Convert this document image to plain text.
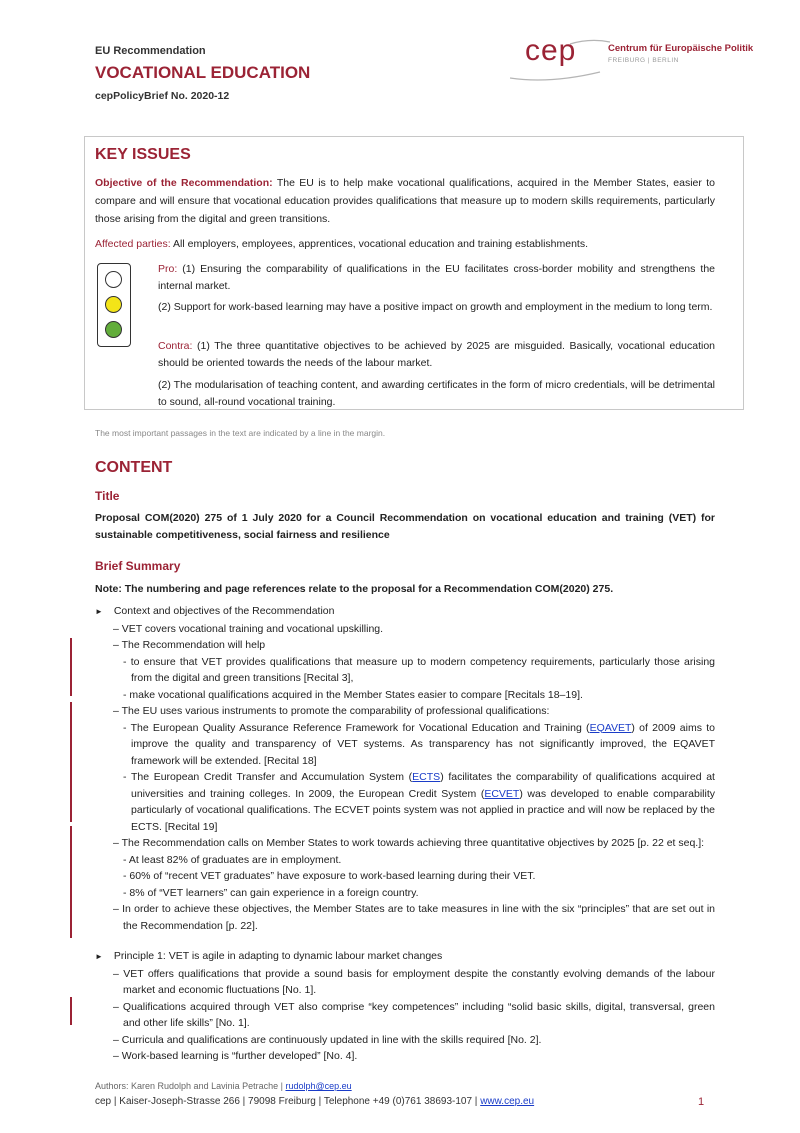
EU Recommendation
VOCATIONAL EDUCATION
cepPolicyBrief No. 2020-12
cep	Centrum für Europäische Politik
FREIBURG | BERLIN
KEY ISSUES
Objective of the Recommendation: The EU is to help make vocational qualifications, acquired in the Member States, easier to compare and will ensure that vocational education provides qualifications that measure up to modern skills requirements, particularly those arising from the digital and green transitions.
Affected parties: All employers, employees, apprentices, vocational education and training establishments.
Pro: (1) Ensuring the comparability of qualifications in the EU facilitates cross-border mobility and strengthens the internal market.
(2) Support for work-based learning may have a positive impact on growth and employment in the medium to long term.
Contra: (1) The three quantitative objectives to be achieved by 2025 are misguided. Basically, vocational education should be oriented towards the needs of the labour market.
(2) The modularisation of teaching content, and awarding certificates in the form of micro credentials, will be detrimental to sound, all-round vocational training.
The most important passages in the text are indicated by a line in the margin.
CONTENT
Title
Proposal COM(2020) 275 of 1 July 2020 for a Council Recommendation on vocational education and training (VET) for sustainable competitiveness, social fairness and resilience
Brief Summary
Note: The numbering and page references relate to the proposal for a Recommendation COM(2020) 275.
► Context and objectives of the Recommendation
– VET covers vocational training and vocational upskilling.
– The Recommendation will help
- to ensure that VET provides qualifications that measure up to modern competency requirements, particularly those arising from the digital and green transitions [Recital 3],
- make vocational qualifications acquired in the Member States easier to compare [Recitals 18–19].
– The EU uses various instruments to promote the comparability of professional qualifications:
- The European Quality Assurance Reference Framework for Vocational Education and Training (EQAVET) of 2009 aims to improve the quality and transparency of VET systems. As transparency has not significantly improved, the EQAVET framework will be extended. [Recital 18]
- The European Credit Transfer and Accumulation System (ECTS) facilitates the comparability of qualifications acquired at universities and training colleges. In 2009, the European Credit System (ECVET) was developed to enable comparability particularly of vocational qualifications. The ECVET points system was not applied in practice and will now be replaced by the ECTS. [Recital 19]
– The Recommendation calls on Member States to work towards achieving three quantitative objectives by 2025 [p. 22 et seq.]:
- At least 82% of graduates are in employment.
- 60% of “recent VET graduates” have exposure to work-based learning during their VET.
- 8% of “VET learners” can gain experience in a foreign country.
– In order to achieve these objectives, the Member States are to take measures in line with the six “principles” that are set out in the Recommendation [p. 22].
► Principle 1: VET is agile in adapting to dynamic labour market changes
– VET offers qualifications that provide a sound basis for employment despite the constantly evolving demands of the labour market and economic fluctuations [No. 1].
– Qualifications acquired through VET also comprise “key competences” including “solid basic skills, digital, transversal, green and other life skills” [No. 1].
– Curricula and qualifications are continuously updated in line with the skills required [No. 2].
– Work-based learning is “further developed” [No. 4].
Authors: Karen Rudolph and Lavinia Petrache | rudolph@cep.eu
cep | Kaiser-Joseph-Strasse 266 | 79098 Freiburg | Telephone +49 (0)761 38693-107 | www.cep.eu	1
